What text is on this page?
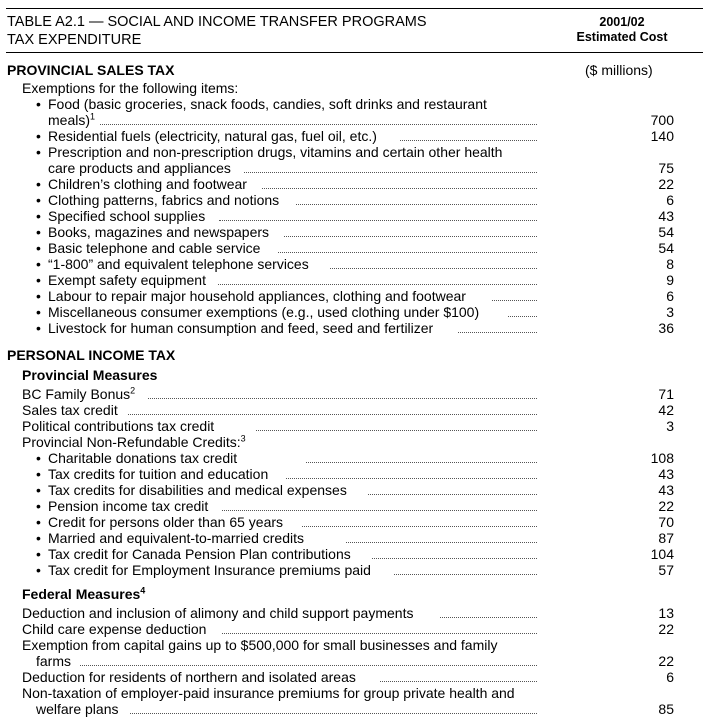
TABLE A2.1 — SOCIAL AND INCOME TRANSFER PROGRAMS
TAX EXPENDITURE
2001/02
Estimated Cost
PROVINCIAL SALES TAX	($ millions)
Exemptions for the following items:
• Food (basic groceries, snack foods, candies, soft drinks and restaurant
meals)$^1$	700
• Residential fuels (electricity, natural gas, fuel oil, etc.)	140
• Prescription and non-prescription drugs, vitamins and certain other health
care products and appliances	75
• Children’s clothing and footwear	22
• Clothing patterns, fabrics and notions	6
• Specified school supplies	43
• Books, magazines and newspapers	54
• Basic telephone and cable service	54
• “1-800” and equivalent telephone services	8
• Exempt safety equipment	9
• Labour to repair major household appliances, clothing and footwear	6
• Miscellaneous consumer exemptions (e.g., used clothing under $100)	3
• Livestock for human consumption and feed, seed and fertilizer	36
PERSONAL INCOME TAX
Provincial Measures
BC Family Bonus$^2$	71
Sales tax credit	42
Political contributions tax credit	3
Provincial Non-Refundable Credits:$^3$
• Charitable donations tax credit	108
• Tax credits for tuition and education	43
• Tax credits for disabilities and medical expenses	43
• Pension income tax credit	22
• Credit for persons older than 65 years	70
• Married and equivalent-to-married credits	87
• Tax credit for Canada Pension Plan contributions	104
• Tax credit for Employment Insurance premiums paid	57
Federal Measures$^4$
Deduction and inclusion of alimony and child support payments	13
Child care expense deduction	22
Exemption from capital gains up to $500,000 for small businesses and family
farms	22
Deduction for residents of northern and isolated areas	6
Non-taxation of employer-paid insurance premiums for group private health and
welfare plans	85
